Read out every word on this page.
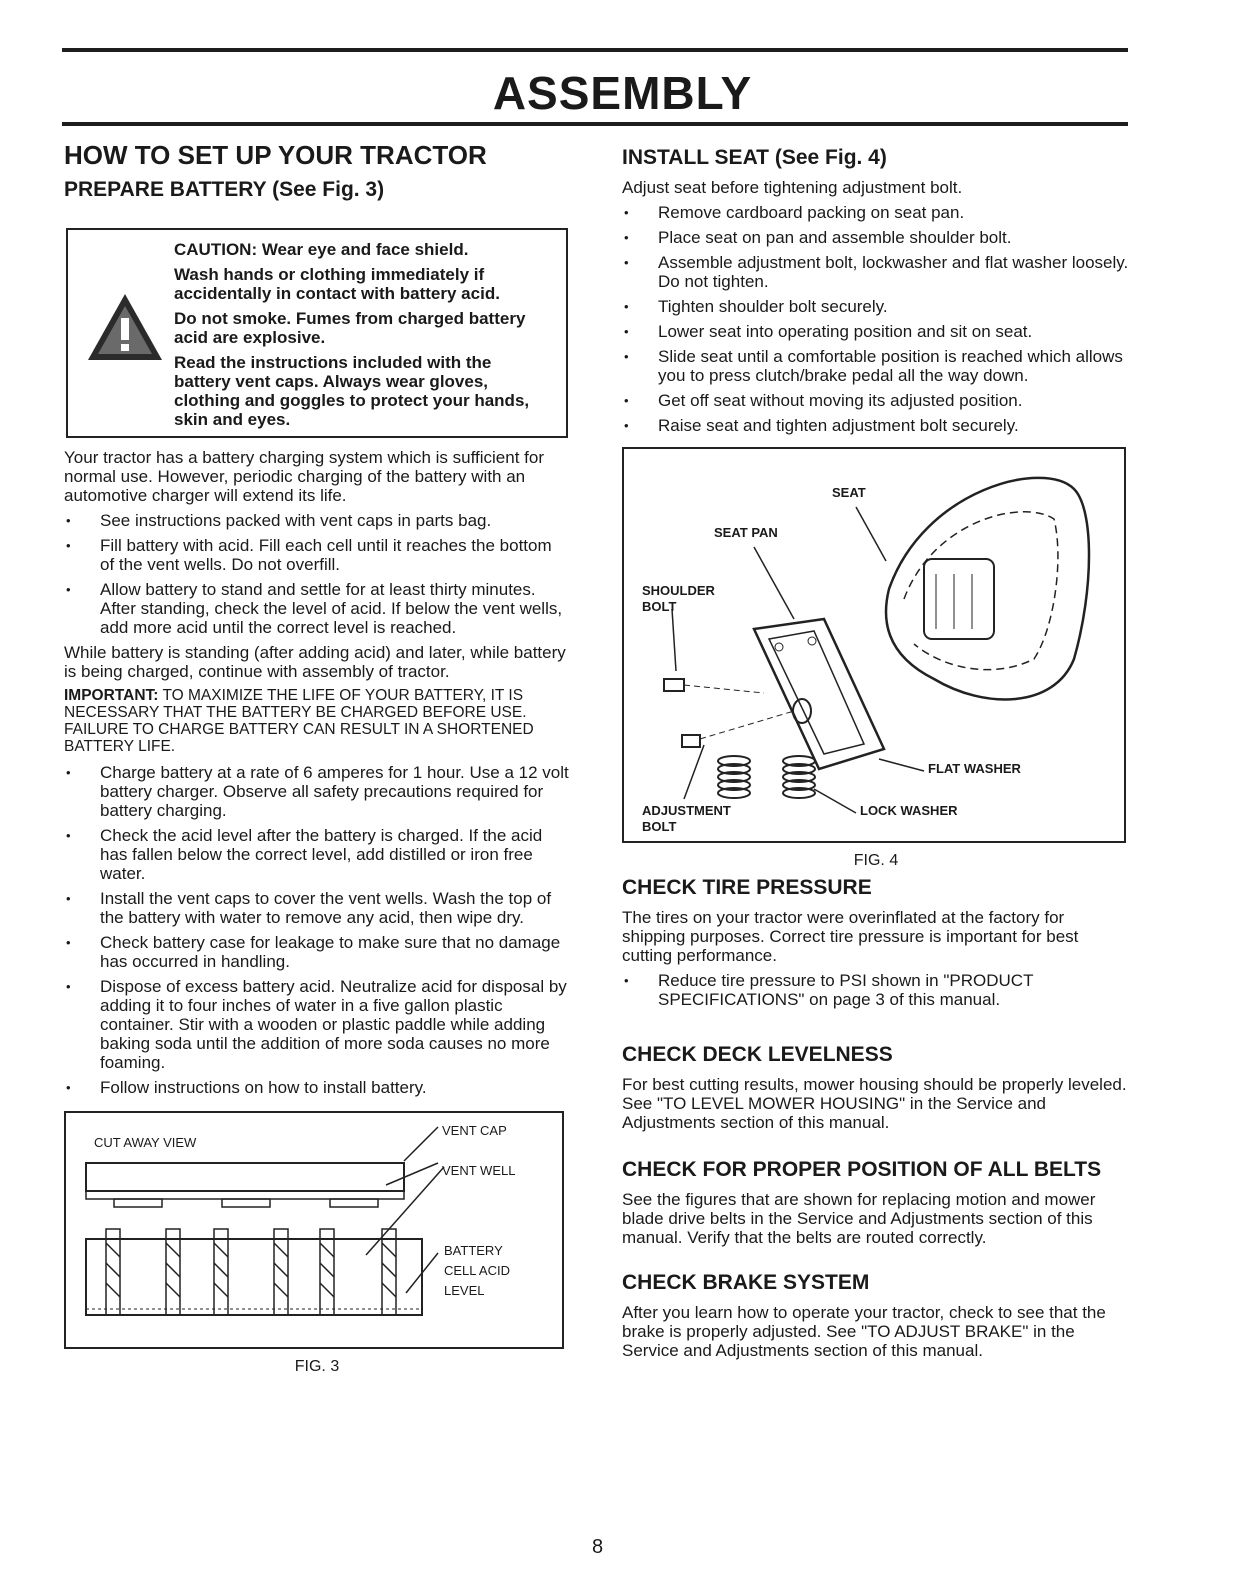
ASSEMBLY
HOW TO SET UP YOUR TRACTOR
PREPARE BATTERY (See Fig. 3)

CAUTION: Wear eye and face shield.

Wash hands or clothing immediately if accidentally in contact with battery acid.

Do not smoke. Fumes from charged battery acid are explosive.

Read the instructions included with the battery vent caps. Always wear gloves, clothing and goggles to protect your hands, skin and eyes.

Your tractor has a battery charging system which is sufficient for normal use. However, periodic charging of the battery with an automotive charger will extend its life.

• See instructions packed with vent caps in parts bag.
• Fill battery with acid. Fill each cell until it reaches the bottom of the vent wells. Do not overfill.
• Allow battery to stand and settle for at least thirty minutes. After standing, check the level of acid. If below the vent wells, add more acid until the correct level is reached.

While battery is standing (after adding acid) and later, while battery is being charged, continue with assembly of tractor.

IMPORTANT: TO MAXIMIZE THE LIFE OF YOUR BATTERY, IT IS NECESSARY THAT THE BATTERY BE CHARGED BEFORE USE. FAILURE TO CHARGE BATTERY CAN RESULT IN A SHORTENED BATTERY LIFE.
• Charge battery at a rate of 6 amperes for 1 hour. Use a 12 volt battery charger. Observe all safety precautions required for battery charging.
• Check the acid level after the battery is charged. If the acid has fallen below the correct level, add distilled or iron free water.
• Install the vent caps to cover the vent wells. Wash the top of the battery with water to remove any acid, then wipe dry.
• Check battery case for leakage to make sure that no damage has occurred in handling.
• Dispose of excess battery acid. Neutralize acid for disposal by adding it to four inches of water in a five gallon plastic container. Stir with a wooden or plastic paddle while adding baking soda until the addition of more soda causes no more foaming.
• Follow instructions on how to install battery.
CUT AWAY VIEW
VENT CAP
VENT WELL
BATTERY
CELL ACID
LEVEL
FIG. 3
INSTALL SEAT (See Fig. 4)

Adjust seat before tightening adjustment bolt.

• Remove cardboard packing on seat pan.
• Place seat on pan and assemble shoulder bolt.
• Assemble adjustment bolt, lockwasher and flat washer loosely. Do not tighten.
• Tighten shoulder bolt securely.
• Lower seat into operating position and sit on seat.
• Slide seat until a comfortable position is reached which allows you to press clutch/brake pedal all the way down.
• Get off seat without moving its adjusted position.
• Raise seat and tighten adjustment bolt securely.
SEAT
SEAT PAN
SHOULDER
BOLT
FLAT WASHER
ADJUSTMENT
BOLT
LOCK WASHER
FIG. 4
CHECK TIRE PRESSURE

The tires on your tractor were overinflated at the factory for shipping purposes. Correct tire pressure is important for best cutting performance.

• Reduce tire pressure to PSI shown in "PRODUCT SPECIFICATIONS" on page 3 of this manual.
CHECK DECK LEVELNESS

For best cutting results, mower housing should be properly leveled. See "TO LEVEL MOWER HOUSING" in the Service and Adjustments section of this manual.

CHECK FOR PROPER POSITION OF ALL BELTS

See the figures that are shown for replacing motion and mower blade drive belts in the Service and Adjustments section of this manual. Verify that the belts are routed correctly.

CHECK BRAKE SYSTEM

After you learn how to operate your tractor, check to see that the brake is properly adjusted. See "TO ADJUST BRAKE" in the Service and Adjustments section of this manual.

8
